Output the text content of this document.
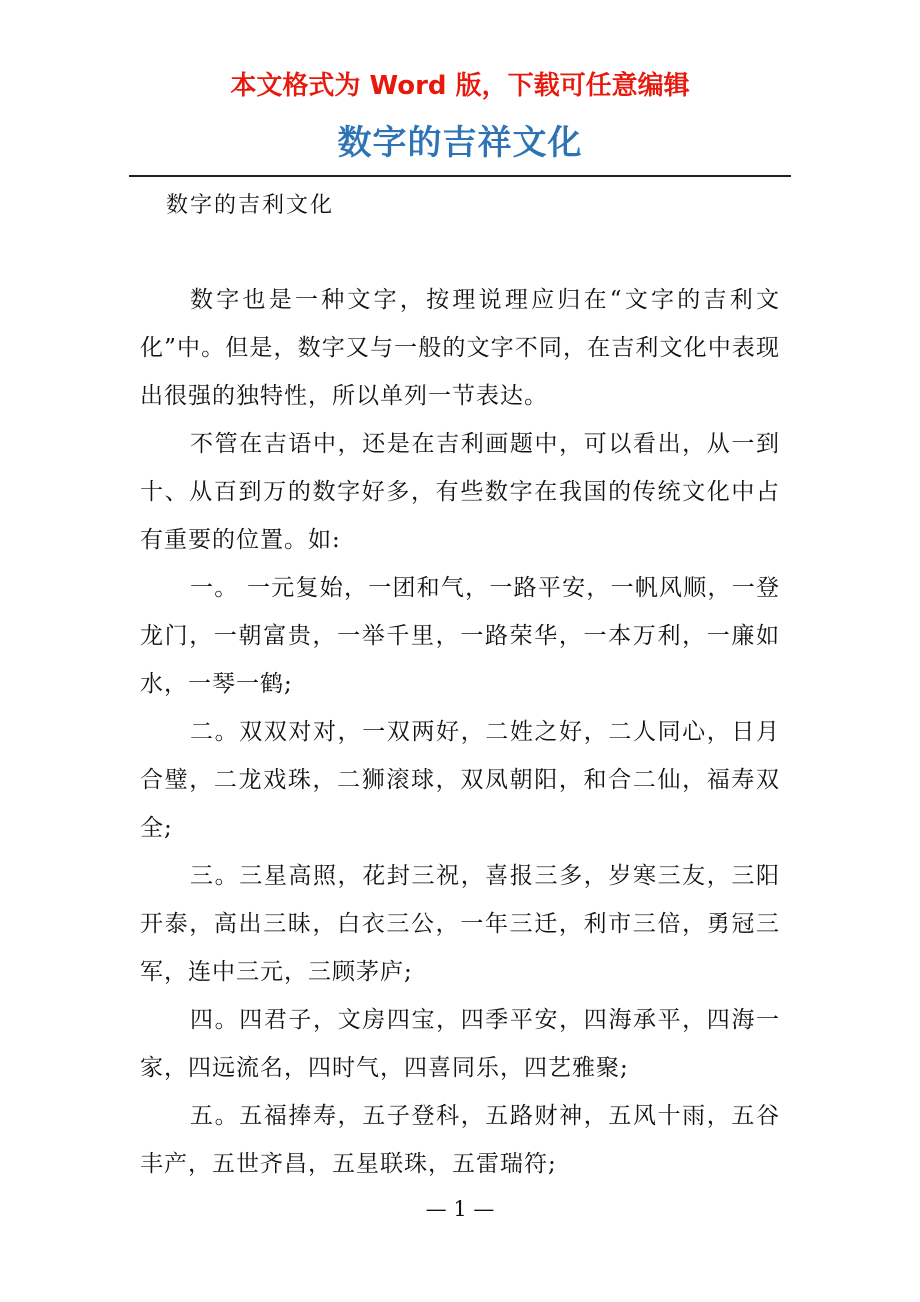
本文格式为 Word 版，下载可任意编辑
数字的吉祥文化
数字的吉利文化

数字也是一种文字，按理说理应归在“文字的吉利文化”中。但是，数字又与一般的文字不同，在吉利文化中表现出很强的独特性，所以单列一节表达。

不管在吉语中，还是在吉利画题中，可以看出，从一到十、从百到万的数字好多，有些数字在我国的传统文化中占有重要的位置。如:

一。 一元复始，一团和气，一路平安，一帆风顺，一登龙门，一朝富贵，一举千里，一路荣华，一本万利，一廉如水，一琴一鹤;

二。双双对对，一双两好，二姓之好，二人同心，日月合璧，二龙戏珠，二狮滚球，双凤朝阳，和合二仙，福寿双全;

三。三星高照，花封三祝，喜报三多，岁寒三友，三阳开泰，高出三昧，白衣三公，一年三迁，利市三倍，勇冠三军，连中三元，三顾茅庐;

四。四君子，文房四宝，四季平安，四海承平，四海一家，四远流名，四时气，四喜同乐，四艺雅聚;

五。五福捧寿，五子登科，五路财神，五风十雨，五谷丰产，五世齐昌，五星联珠，五雷瑞符;

— 1 —
